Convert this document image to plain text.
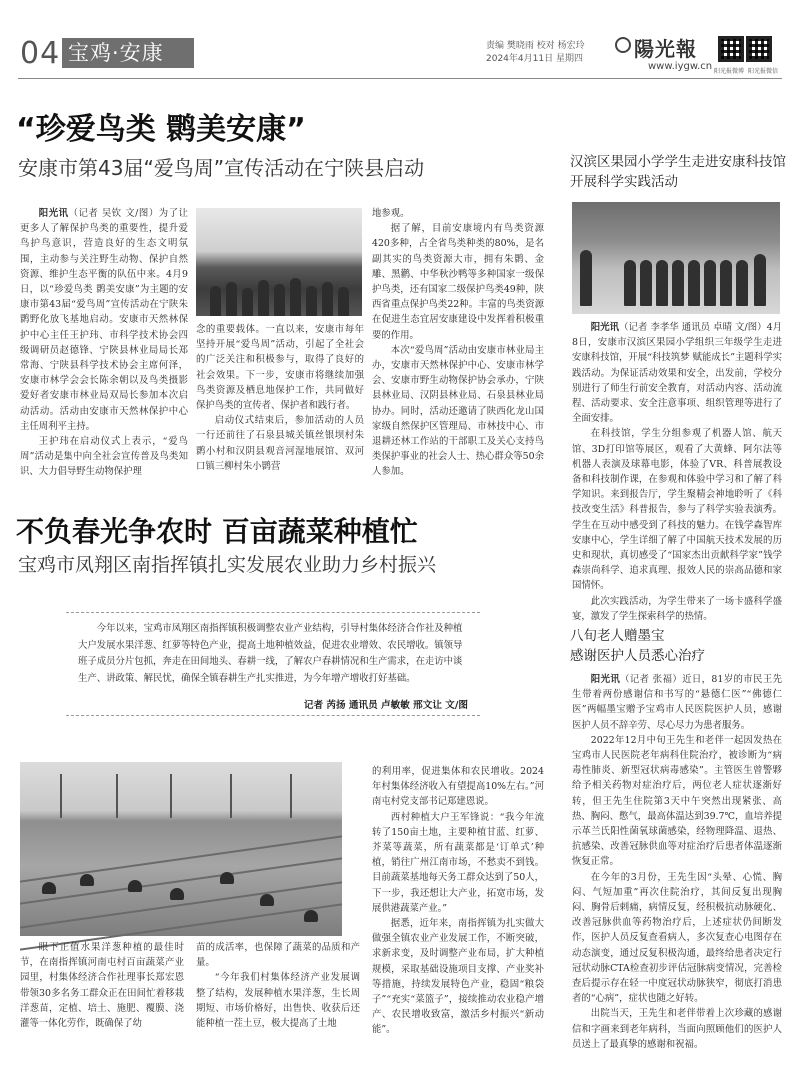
04 宝鸡·安康	责编 樊晓雨 校对 杨宏玲
2024年4月11日 星期四	陽光報
www.iygw.cn 阳光报微博 阳光报微信
“珍爱鸟类 鹮美安康”
安康市第43届“爱鸟周”宣传活动在宁陕县启动

阳光讯（记者 吴钦 文/图）为了让更多人了解保护鸟类的重要性，提升爱鸟护鸟意识，营造良好的生态文明氛围，主动参与关注野生动物、保护自然资源、维护生态平衡的队伍中来。4月9日，以“珍爱鸟类 鹮美安康”为主题的安康市第43届“爱鸟周”宣传活动在宁陕朱鹮野化放飞基地启动。安康市天然林保护中心主任王护玮、市科学技术协会四级调研员赵德锋、宁陕县林业局局长郑常海、宁陕县科学技术协会主席何泽，安康市林学会会长陈余朝以及鸟类摄影爱好者安康市林业局双局长参加本次启动活动。活动由安康市天然林保护中心主任周利平主持。

王护玮在启动仪式上表示，“爱鸟周”活动是集中向全社会宣传普及鸟类知识、大力倡导野生动物保护理

念的重要载体。一直以来，安康市每年坚持开展“爱鸟周”活动，引起了全社会的广泛关注和积极参与，取得了良好的社会效果。下一步，安康市将继续加强鸟类资源及栖息地保护工作，共同做好保护鸟类的宣传者、保护者和践行者。

启动仪式结束后，参加活动的人员一行还前往了石泉县城关镇丝银坝村朱鹮小村和汉阴县观音河湿地展馆、双河口镇三柳村朱小鹮营

地参观。

据了解，目前安康境内有鸟类资源420多种，占全省鸟类种类的80%，是名副其实的鸟类资源大市，拥有朱鹮、金雕、黑鹳、中华秋沙鸭等多种国家一级保护鸟类，还有国家二级保护鸟类49种，陕西省重点保护鸟类22种。丰富的鸟类资源在促进生态宜居安康建设中发挥着积极重要的作用。

本次“爱鸟周”活动由安康市林业局主办，安康市天然林保护中心、安康市林学会、安康市野生动物保护协会承办，宁陕县林业局、汉阴县林业局、石泉县林业局协办。同时，活动还邀请了陕西化龙山国家级自然保护区管理局、市林技中心、市退耕还林工作站的干部职工及关心支持鸟类保护事业的社会人士、热心群众等50余人参加。

不负春光争农时 百亩蔬菜种植忙
宝鸡市凤翔区南指挥镇扎实发展农业助力乡村振兴
今年以来，宝鸡市凤翔区南指挥镇积极调整农业产业结构，引导村集体经济合作社及种植大户发展水果洋葱、红萝等特色产业，提高土地种植效益，促进农业增效、农民增收。镇领导班子成员分片包抓，奔走在田间地头、春耕一线，了解农户春耕情况和生产需求，在走访中谈生产、讲政策、解民忧，确保全镇春耕生产扎实推进，为今年增产增收打好基础。
记者 芮扬 通讯员 卢敏敏 邢文让 文/图

眼下正值水果洋葱种植的最佳时节，在南指挥镇河南屯村百亩蔬菜产业园里，村集体经济合作社理事长郑宏恩带领30多名务工群众正在田间忙着移栽洋葱苗，定植、培土、施肥、覆膜、浇灌等一体化劳作，既确保了幼

苗的成活率，也保障了蔬菜的品质和产量。

“今年我们村集体经济产业发展调整了结构，发展种植水果洋葱，生长周期短、市场价格好，出售快、收获后还能种植一茬土豆，极大提高了土地

的利用率，促进集体和农民增收。2024年村集体经济收入有望提高10%左右。”河南屯村党支部书记郑建恩说。

西村种植大户王军锋说：“我今年流转了150亩土地，主要种植甘蓝、红萝、芥菜等蔬菜，所有蔬菜都是‘订单式’种植，销往广州江南市场，不愁卖不到钱。目前蔬菜基地每天务工群众达到了50人，下一步，我还想让大产业，拓宽市场，发展供港蔬菜产业。”

据悉，近年来，南指挥镇为扎实做大做强全镇农业产业发展工作，不断突破，求新求变，及时调整产业布局，扩大种植规模，采取基础设施项目支撑、产业奖补等措施，持续发展特色产业，稳固“粮袋子”“充实“菜篮子”，接续推动农业稳产增产、农民增收致富，激活乡村振兴“新动能”。

汉滨区果园小学学生走进安康科技馆
开展科学实践活动

阳光讯（记者 李孝华 通讯员 卓晴 文/图）4月8日，安康市汉滨区果园小学组织三年级学生走进安康科技馆，开展“科技筑梦 赋能成长”主题科学实践活动。为保证活动效果和安全，出发前，学校分别进行了师生行前安全教育，对活动内容、活动流程、活动要求、安全注意事项、组织管理等进行了全面安排。

在科技馆，学生分组参观了机器人馆、航天馆、3D打印馆等展区，观看了大黄蜂、阿尔法等机器人表演及球幕电影，体验了VR、科普展教设备和科技制作课，在参观和体验中学习和了解了科学知识。来到报告厅，学生聚精会神地聆听了《科技改变生活》科普报告，参与了科学实验表演秀。学生在互动中感受到了科技的魅力。在钱学森智库安康中心，学生详细了解了中国航天技术发展的历史和现状，真切感受了“国家杰出贡献科学家”钱学森崇尚科学、追求真理、报效人民的崇高品德和家国情怀。

此次实践活动，为学生带来了一场卡盛科学盛宴，激发了学生探索科学的热情。

八旬老人赠墨宝
感谢医护人员悉心治疗

阳光讯（记者 张福）近日，81岁的市民王先生带着两份感谢信和书写的“悬德仁医”“佛德仁医”两幅墨宝赠予宝鸡市人民医院医护人员，感谢医护人员不辞辛劳、尽心尽力为患者服务。

2022年12月中旬王先生和老伴一起因发热在宝鸡市人民医院老年病科住院治疗，被诊断为“病毒性肺炎、新型冠状病毒感染”。主管医生曾警夥给予相关药物对症治疗后，两位老人症状逐渐好转，但王先生住院第3天中午突然出现紧张、高热、胸闷、憋气，最高体温达到39.7℃，血培养提示革兰氏阳性菌氧球菌感染，经物理降温、退热、抗感染、改善冠脉供血等对症治疗后患者体温逐渐恢复正常。

在今年的3月份，王先生因“头晕、心慌、胸闷、气短加重”再次住院治疗，其间反复出现胸闷、胸骨后剌痛，病情反复，经积极抗动脉硬化、改善冠脉供血等药物治疗后，上述症状仍间断发作，医护人员反复查看病人，多次复查心电图存在动态演变，通过反复积极沟通，最终给患者决定行冠状动脉CTA检查初步评估冠脉病变情况，完善检查后提示存在轻一中度冠状动脉狭窄，彻底打消患者的“心病”，症状也随之好转。

出院当天，王先生和老伴带着上次珍藏的感谢信和字画来到老年病科，当面向照顾他们的医护人员送上了最真挚的感谢和祝福。
